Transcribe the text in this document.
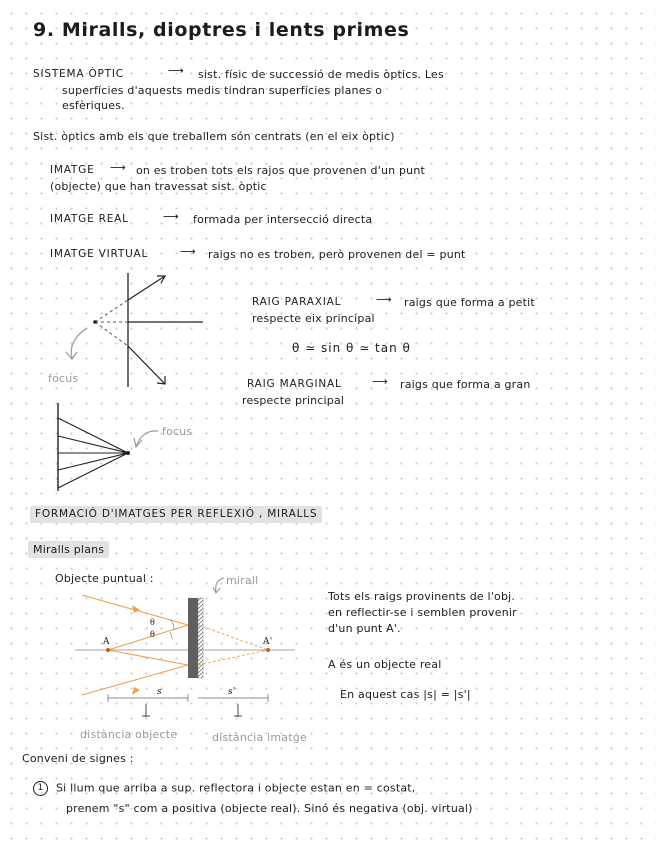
9. Miralls, dioptres i lents primes
SISTEMA ÒPTIC	⟶ sist. físic de successió de medis òptics. Les
superfícies d'aquests medis tindran superfícies planes o
esfèriques.
Sist. òptics amb els que treballem són centrats (en el eix òptic)
IMATGE ⟶ on es troben tots els rajos que provenen d'un punt
(objecte) que han travessat sist. òptic
IMATGE REAL	⟶ formada per intersecció directa
IMATGE VIRTUAL	⟶ raigs no es troben, però provenen del = punt
focus
RAIG PARAXIAL	⟶ raigs que forma a petit
respecte eix principal
θ ≃ sin θ ≃ tan θ
RAIG MARGINAL	⟶ raigs que forma a gran
respecte principal
focus
FORMACIÓ D'IMATGES PER REFLEXIÓ , MIRALLS
Miralls plans
Objecte puntual :
A	A'
θ
θ
s	s'
mirall
Tots els raigs provinents de l'obj.
en reflectir-se i semblen provenir
d'un punt A'.
A és un objecte real
En aquest cas |s| = |s'|
distància objecte	distància imatge
Conveni de signes :
1 Si llum que arriba a sup. reflectora i objecte estan en = costat,
prenem "s" com a positiva (objecte real). Sinó és negativa (obj. virtual)
